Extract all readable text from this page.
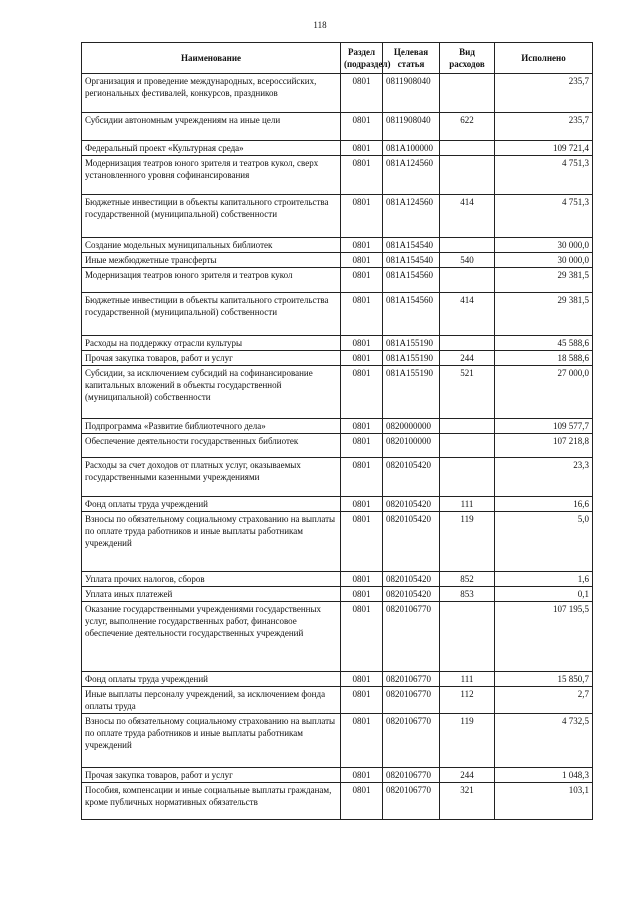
118
Наименование	Раздел (подраздел)	Целевая статья	Вид расходов	Исполнено
Организация и проведение международных, всероссийских, региональных фестивалей, конкурсов, праздников	0801	0811908040		235,7
Субсидии автономным учреждениям на иные цели	0801	0811908040	622	235,7
Федеральный проект «Культурная среда»	0801	081A100000		109 721,4
Модернизация театров юного зрителя и театров кукол, сверх установленного уровня софинансирования	0801	081A124560		4 751,3
Бюджетные инвестиции в объекты капитального строительства государственной (муниципальной) собственности	0801	081A124560	414	4 751,3
Создание модельных муниципальных библиотек	0801	081A154540		30 000,0
Иные межбюджетные трансферты	0801	081A154540	540	30 000,0
Модернизация театров юного зрителя и театров кукол	0801	081A154560		29 381,5
Бюджетные инвестиции в объекты капитального строительства государственной (муниципальной) собственности	0801	081A154560	414	29 381,5
Расходы на поддержку отрасли культуры	0801	081A155190		45 588,6
Прочая закупка товаров, работ и услуг	0801	081A155190	244	18 588,6
Субсидии, за исключением субсидий на софинансирование капитальных вложений в объекты государственной (муниципальной) собственности	0801	081A155190	521	27 000,0
Подпрограмма «Развитие библиотечного дела»	0801	0820000000		109 577,7
Обеспечение деятельности государственных библиотек	0801	0820100000		107 218,8
Расходы за счет доходов от платных услуг, оказываемых государственными казенными учреждениями	0801	0820105420		23,3
Фонд оплаты труда учреждений	0801	0820105420	111	16,6
Взносы по обязательному социальному страхованию на выплаты по оплате труда работников и иные выплаты работникам учреждений	0801	0820105420	119	5,0
Уплата прочих налогов, сборов	0801	0820105420	852	1,6
Уплата иных платежей	0801	0820105420	853	0,1
Оказание государственными учреждениями государственных услуг, выполнение государственных работ, финансовое обеспечение деятельности государственных учреждений	0801	0820106770		107 195,5
Фонд оплаты труда учреждений	0801	0820106770	111	15 850,7
Иные выплаты персоналу учреждений, за исключением фонда оплаты труда	0801	0820106770	112	2,7
Взносы по обязательному социальному страхованию на выплаты по оплате труда работников и иные выплаты работникам учреждений	0801	0820106770	119	4 732,5
Прочая закупка товаров, работ и услуг	0801	0820106770	244	1 048,3
Пособия, компенсации и иные социальные выплаты гражданам, кроме публичных нормативных обязательств	0801	0820106770	321	103,1
